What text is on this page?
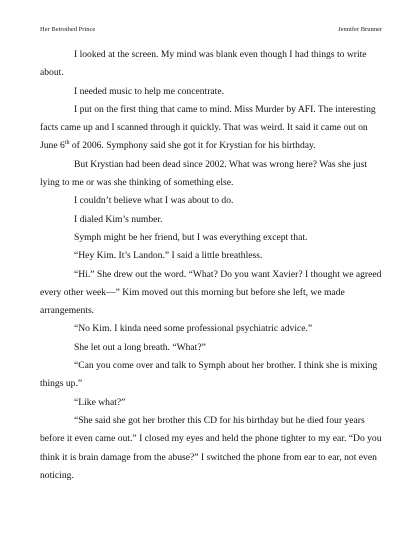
Her Betrothed Prince	Jennifer Brunner

I looked at the screen. My mind was blank even though I had things to write about.

I needed music to help me concentrate.

I put on the first thing that came to mind. Miss Murder by AFI. The interesting facts came up and I scanned through it quickly. That was weird. It said it came out on June 6th of 2006. Symphony said she got it for Krystian for his birthday.

But Krystian had been dead since 2002. What was wrong here? Was she just lying to me or was she thinking of something else.

I couldn’t believe what I was about to do.

I dialed Kim’s number.

Symph might be her friend, but I was everything except that.

“Hey Kim. It’s Landon.” I said a little breathless.

“Hi.” She drew out the word. “What? Do you want Xavier? I thought we agreed every other week—” Kim moved out this morning but before she left, we made arrangements.

“No Kim. I kinda need some professional psychiatric advice.”

She let out a long breath. “What?”

“Can you come over and talk to Symph about her brother. I think she is mixing things up.”

“Like what?”

“She said she got her brother this CD for his birthday but he died four years before it even came out.” I closed my eyes and held the phone tighter to my ear. “Do you think it is brain damage from the abuse?” I switched the phone from ear to ear, not even noticing.
